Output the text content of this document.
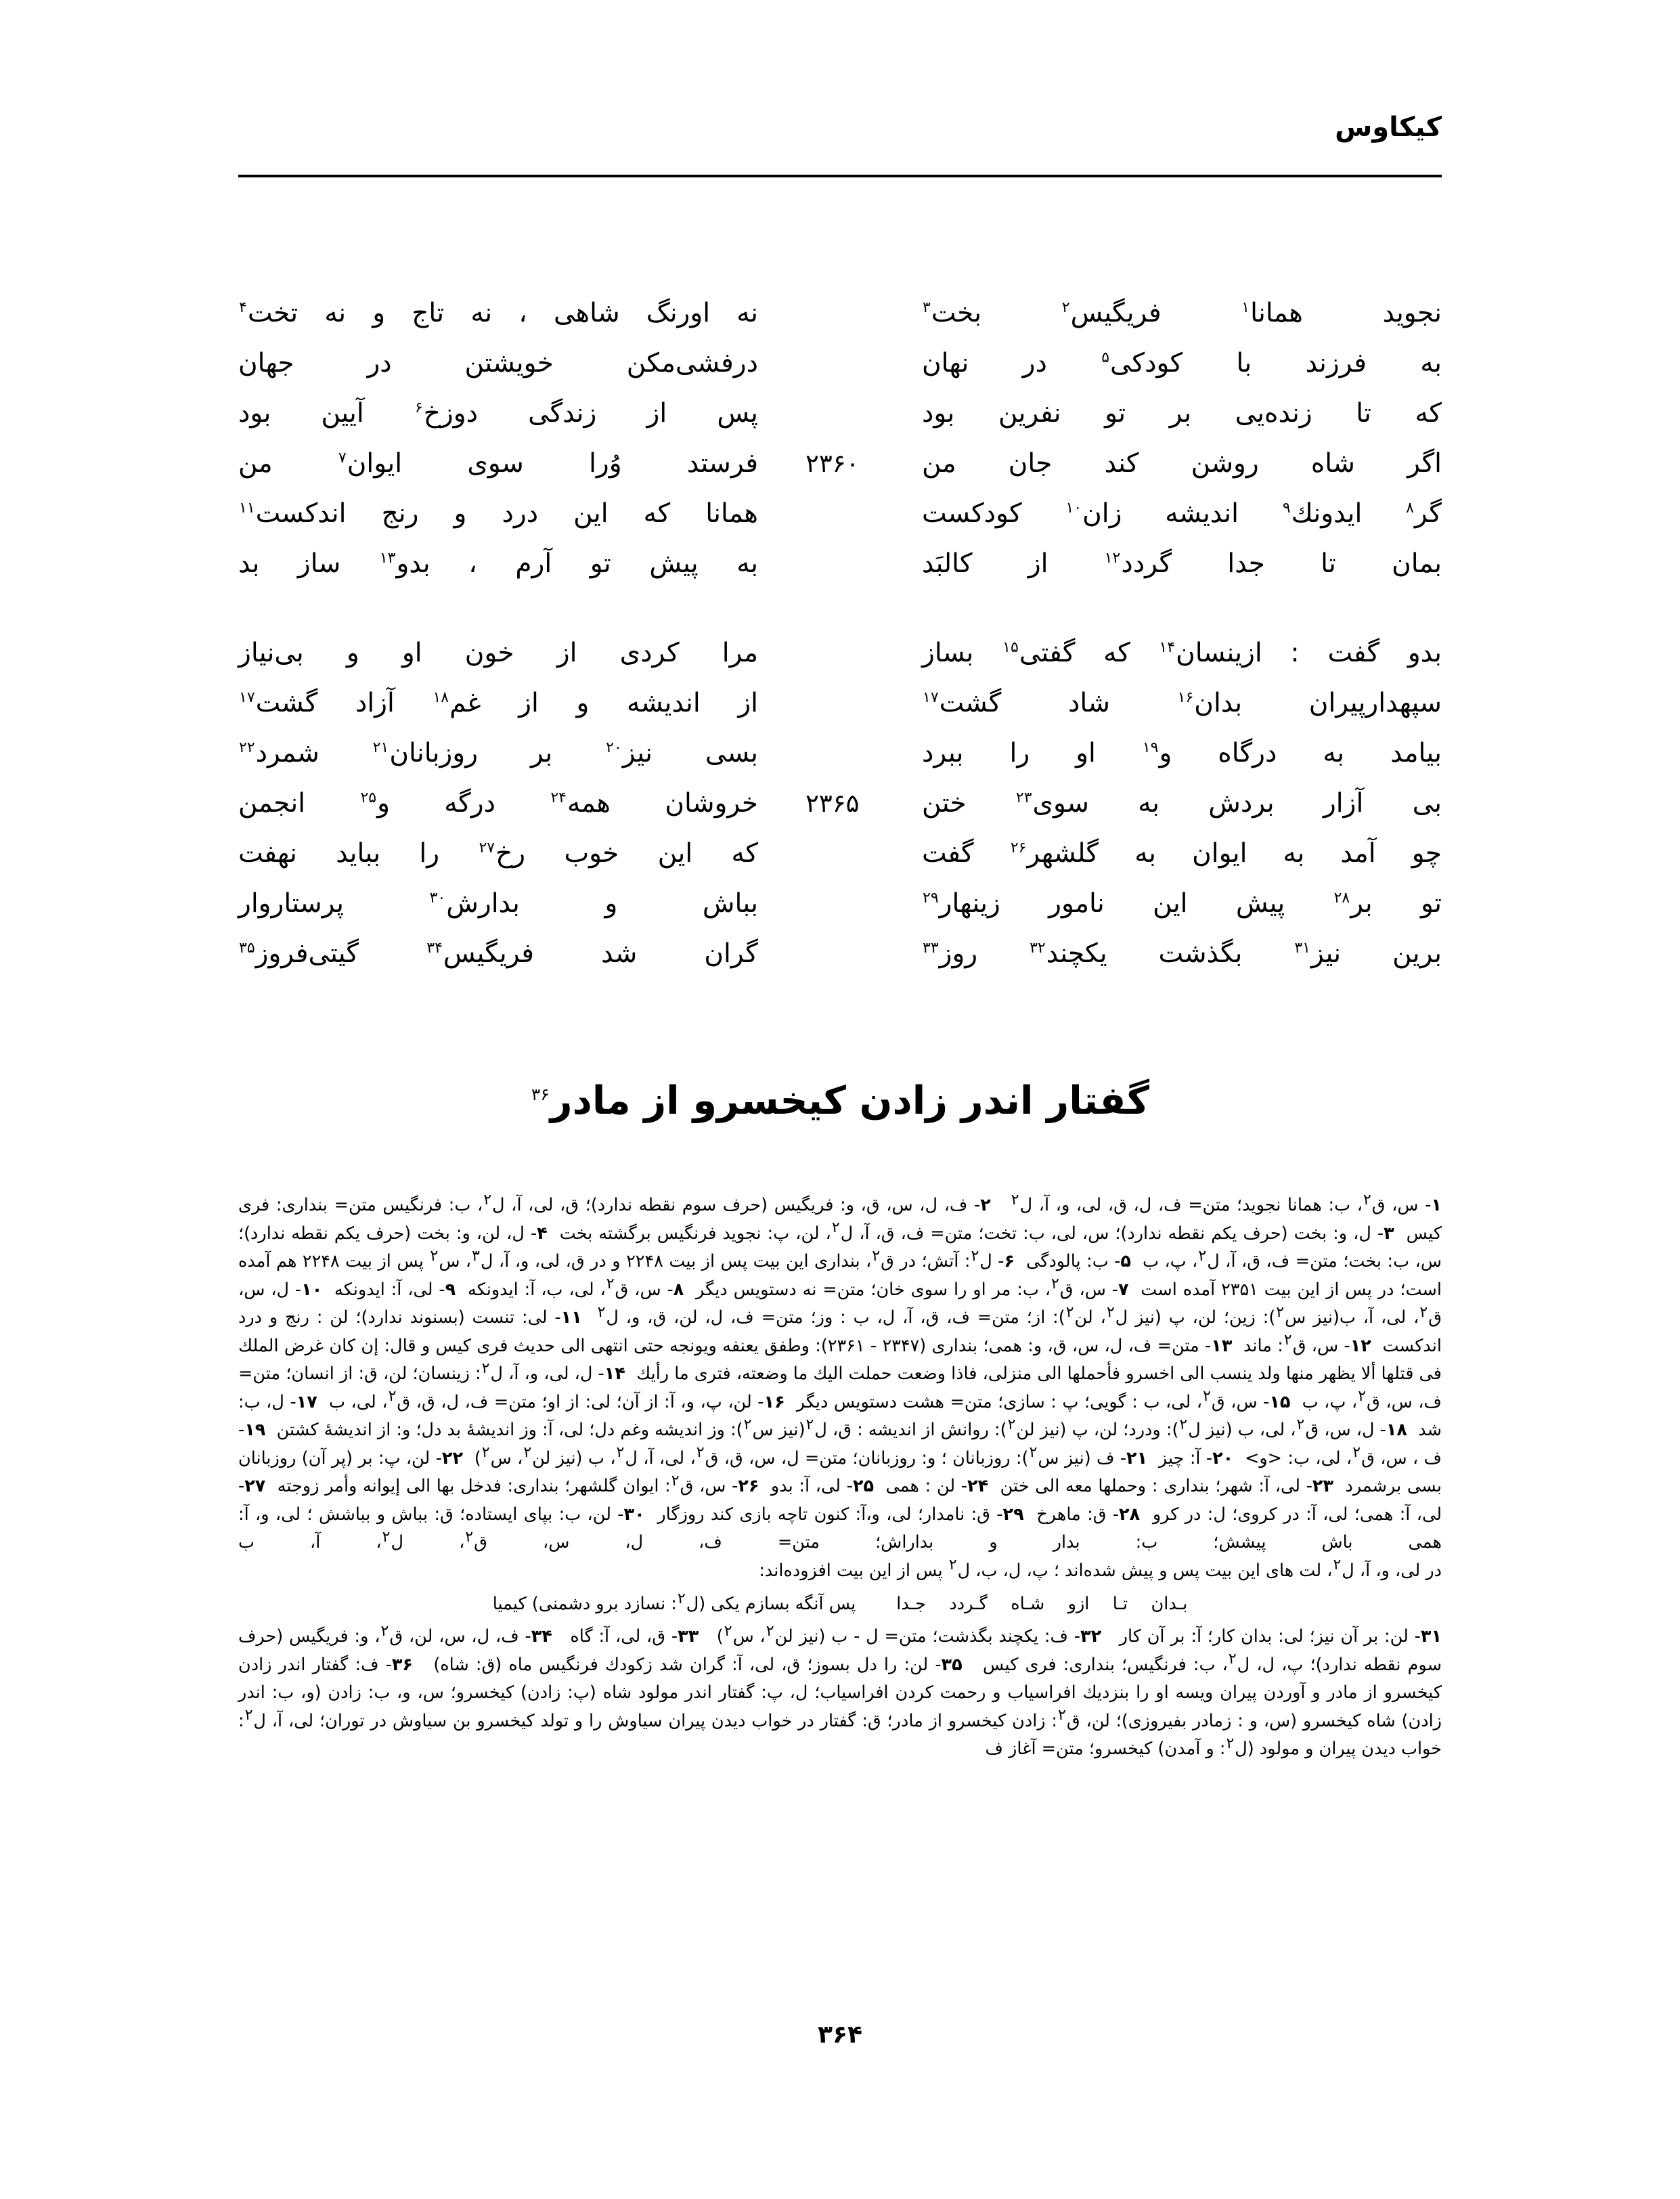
کیکاوس
نجوید همانا$^۱$ فریگیس$^۲$ بخت$^۳$
نه اورنگ شاهی ، نه تاج و نه تخت$^۴$
به فرزند با کودکی$^۵$ در نهان
درفشی‌مکن خویشتن در جهان
که تا زنده‌یی بر تو نفرین بود
پس از زندگی دوزخ$^۶$ آیین بود
اگر شاه روشن کند جان من
۲۳۶۰
فرستد وُرا سوی ایوان$^۷$ من
گر$^۸$ ایدونك$^۹$ اندیشه زان$^{۱۰}$ کودکست
همانا که این درد و رنج اندکست$^{۱۱}$
بمان تا جدا گردد$^{۱۲}$ از کالبَد
به پیش تو آرم ، بدو$^{۱۳}$ ساز بد
بدو گفت : ازینسان$^{۱۴}$ که گفتی$^{۱۵}$ بساز
مرا کردی از خون او و بی‌نیاز
سپهدارپیران بدان$^{۱۶}$ شاد گشت$^{۱۷}$
از اندیشه و از غم$^{۱۸}$ آزاد گشت$^{۱۷}$
بیامد به درگاه و$^{۱۹}$ او را ببرد
بسی نیز$^{۲۰}$ بر روزبانان$^{۲۱}$ شمرد$^{۲۲}$
بی آزار بردش به سوی$^{۲۳}$ ختن
۲۳۶۵
خروشان همه$^{۲۴}$ درگه و$^{۲۵}$ انجمن
چو آمد به ایوان به گلشهر$^{۲۶}$ گفت
که این خوب رخ$^{۲۷}$ را بباید نهفت
تو بر$^{۲۸}$ پیش این نامور زینهار$^{۲۹}$
بباش و بدارش$^{۳۰}$ پرستاروار
برین نیز$^{۳۱}$ بگذشت یکچند$^{۳۲}$ روز$^{۳۳}$
گران شد فریگیس$^{۳۴}$ گیتی‌فروز$^{۳۵}$
گفتار اندر زادن کیخسرو از مادر$^{۳۶}$

۱- س، ق$^۲$، ب: همانا نجوید؛ متن= ف، ل، ق، لی، و، آ، ل$^۲$   ۲- ف، ل، س، ق، و: فریگیس (حرف سوم نقطه ندارد)؛ ق، لی، آ، ل$^۲$، ب: فرنگیس متن= بنداری: فری کیس  ۳- ل، و: بخت (حرف یکم نقطه ندارد)؛ س، لی، ب: تخت؛ متن= ف، ق، آ، ل$^۲$، لن، پ: نجوید فرنگیس برگشته بخت  ۴- ل، لن، و: بخت (حرف یکم نقطه ندارد)؛ س، ب: بخت؛ متن= ف، ق، آ، ل$^۲$، پ، ب  ۵- ب: پالودگی  ۶- ل$^۲$: آتش؛ در ق$^۲$، بنداری این بیت پس از بیت ۲۲۴۸ و در ق، لی، و، آ، ل$^۳$، س$^۲$ پس از بیت ۲۲۴۸ هم آمده است؛ در پس از این بیت ۲۳۵۱ آمده است  ۷- س، ق$^۲$، ب: مر او را سوی خان؛ متن= نه دستویس دیگر  ۸- س، ق$^۲$، لی، ب، آ: ایدونکه  ۹- لی، آ: ایدونکه  ۱۰- ل، س، ق$^۲$، لی، آ، ب(نیز س$^۲$): زین؛ لن، پ (نیز ل$^۲$، لن$^۲$): از؛ متن= ف، ق، آ، ل، ب : وز؛ متن= ف، ل، لن، ق، و، ل$^۲$  ۱۱- لی: تنست (بسنوند ندارد)؛ لن : رنج و درد اندکست  ۱۲- س، ق$^۲$: ماند  ۱۳- متن= ف، ل، س، ق، و: همی؛ بنداری (۲۳۴۷ - ۲۳۶۱): وطفق یعنفه ویونجه حتی انتهی الی حدیث فری کیس و قال: إن کان غرض الملك فی قتلها ألا یظهر منها ولد ینسب الی اخسرو فأحملها الی منزلی، فاذا وضعت حملت الیك ما وضعته، فتری ما رأیك  ۱۴- ل، لی، و، آ، ل$^۲$: زینسان؛ لن، ق: از انسان؛ متن= ف، س، ق$^۲$، پ، ب  ۱۵- س، ق$^۲$، لی، ب : گویی؛ پ : سازی؛ متن= هشت دستویس دیگر  ۱۶- لن، پ، و، آ: از آن؛ لی: از او؛ متن= ف، ل، ق، ق$^۲$، لی، ب  ۱۷- ل، ب: شد  ۱۸- ل، س، ق$^۲$، لی، ب (نیز ل$^۲$): ودرد؛ لن، پ (نیز لن$^۲$): روانش از اندیشه : ق، ل$^۲$(نیز س$^۲$): وز اندیشه وغم دل؛ لی، آ: وز اندیشهٔ بد دل؛ و: از اندیشهٔ کشتن  ۱۹- ف ، س، ق$^۲$، لی، ب: <و>  ۲۰- آ: چیز  ۲۱- ف (نیز س$^۲$): روزبانان ؛ و: روزبانان؛ متن= ل، س، ق، ق$^۲$، لی، آ، ل$^۲$، ب (نیز لن$^۲$، س$^۲$)  ۲۲- لن، پ: بر (پر آن) روزبانان بسی برشمرد  ۲۳- لی، آ: شهر؛ بنداری : وحملها معه الی ختن  ۲۴- لن : همی  ۲۵- لی، آ: بدو  ۲۶- س، ق$^۲$: ایوان گلشهر؛ بنداری: فدخل بها الی إیوانه وأمر زوجته  ۲۷- لی، آ: همی؛ لی، آ: در کروی؛ ل: در کرو  ۲۸- ق: ماهرخ  ۲۹- ق: نامدار؛ لی، و،آ: کنون تاچه بازی کند روزگار  ۳۰- لن، ب: بپای ایستاده؛ ق: بباش و بباشش ؛ لی، و، آ: همی باش پیشش؛ ب: بدار و بداراش؛ متن= ف، ل، س، ق$^۲$، ل$^۲$، آ، ب

در لی، و، آ، ل$^۲$، لت های این بیت پس و پیش شده‌اند ؛ پ، ل، ب، ل$^۲$ پس از این بیت افزوده‌اند:

بـدان تـا ازو شـاه گـردد جـداپس آنگه بسازم یکی (ل$^۲$: نسازد برو دشمنی) کیمیا

۳۱- لن: بر آن نیز؛ لی: بدان کار؛ آ: بر آن کار   ۳۲- ف: یکچند بگذشت؛ متن= ل - ب (نیز لن$^۲$، س$^۲$)   ۳۳- ق، لی، آ: گاه   ۳۴- ف، ل، س، لن، ق$^۲$، و: فریگیس (حرف سوم نقطه ندارد)؛ پ، ل، ل$^۲$، ب: فرنگیس؛ بنداری: فری کیس   ۳۵- لن: را دل بسوز؛ ق، لی، آ: گران شد زکودك فرنگیس ماه (ق: شاه)   ۳۶- ف: گفتار اندر زادن کیخسرو از مادر و آوردن پیران ویسه او را بنزدیك افراسیاب و رحمت کردن افراسیاب؛ ل، پ: گفتار اندر مولود شاه (پ: زادن) کیخسرو؛ س، و، ب: زادن (و، ب: اندر زادن) شاه کیخسرو (س، و : زمادر بفیروزی)؛ لن، ق$^۲$: زادن کیخسرو از مادر؛ ق: گفتار در خواب دیدن پیران سیاوش را و تولد کیخسرو بن سیاوش در توران؛ لی، آ، ل$^۲$: خواب دیدن پیران و مولود (ل$^۲$: و آمدن) کیخسرو؛ متن= آغاز ف

۳۶۴
